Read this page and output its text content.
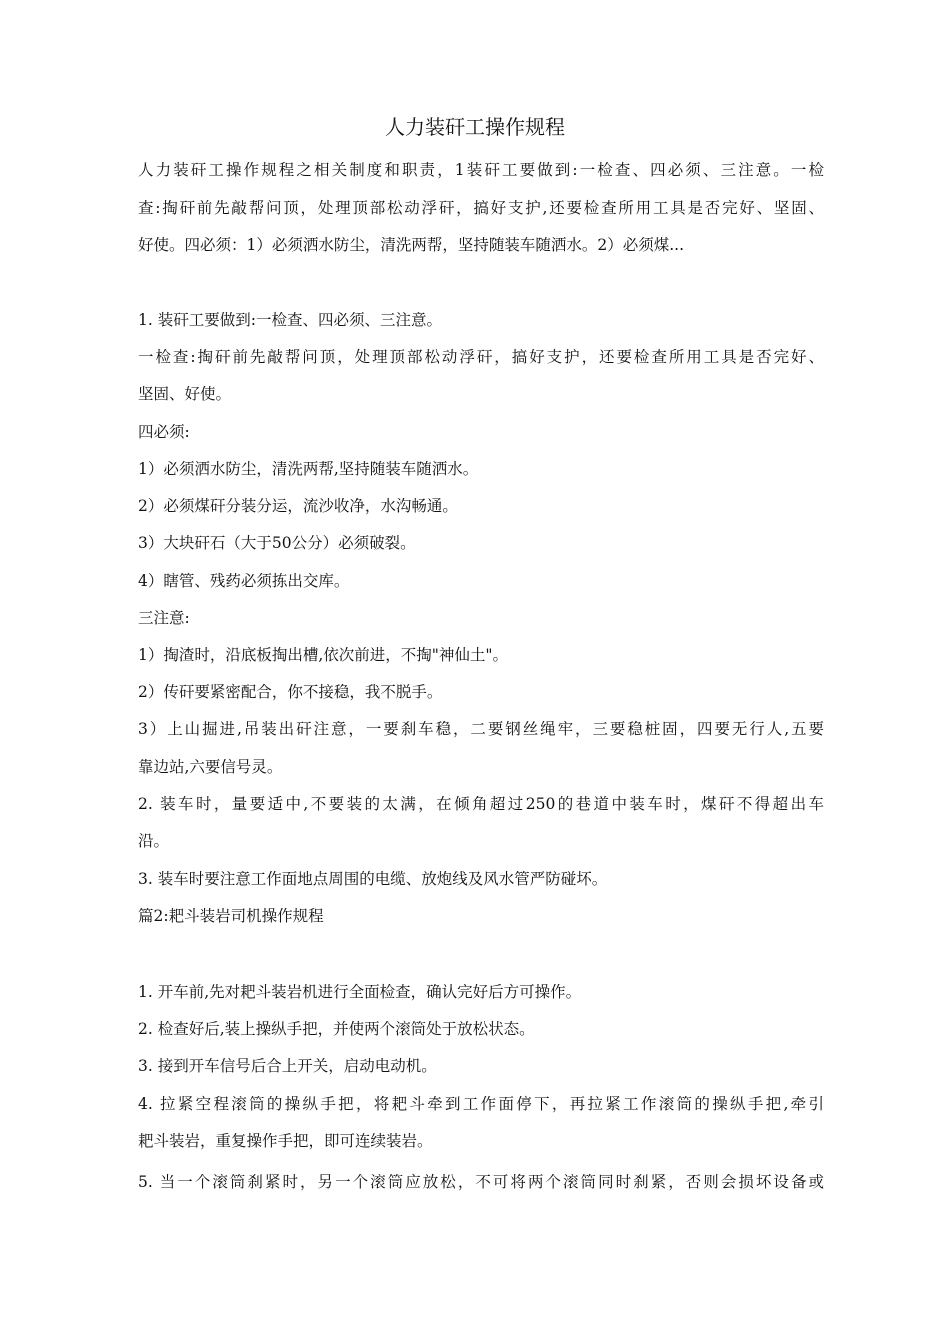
人力装矸工操作规程
人力装矸工操作规程之相关制度和职责，1装矸工要做到:一检查、四必须、三注意。一检
查:掏矸前先敲帮问顶，处理顶部松动浮矸，搞好支护,还要检查所用工具是否完好、坚固、
好使。四必须：1）必须洒水防尘，清洗两帮，坚持随装车随洒水。2）必须煤...
1. 装矸工要做到:一检查、四必须、三注意。
一检查:掏矸前先敲帮问顶，处理顶部松动浮矸，搞好支护，还要检查所用工具是否完好、
坚固、好使。
四必须:
1）必须洒水防尘，清洗两帮,坚持随装车随洒水。
2）必须煤矸分装分运，流沙收净，水沟畅通。
3）大块矸石（大于50公分）必须破裂。
4）瞎管、残药必须拣出交库。
三注意:
1）掏渣时，沿底板掏出槽,依次前进，不掏"神仙土"。
2）传矸要紧密配合，你不接稳，我不脱手。
3）上山掘进,吊装出矸注意，一要刹车稳，二要钢丝绳牢，三要稳桩固，四要无行人,五要
靠边站,六要信号灵。
2. 装车时，量要适中,不要装的太满，在倾角超过250的巷道中装车时，煤矸不得超出车
沿。
3. 装车时要注意工作面地点周围的电缆、放炮线及风水管严防碰坏。
篇2:耙斗装岩司机操作规程
1. 开车前,先对耙斗装岩机进行全面检查，确认完好后方可操作。
2. 检查好后,装上操纵手把，并使两个滚筒处于放松状态。
3. 接到开车信号后合上开关，启动电动机。
4. 拉紧空程滚筒的操纵手把，将耙斗牵到工作面停下，再拉紧工作滚筒的操纵手把,牵引
耙斗装岩，重复操作手把，即可连续装岩。
5. 当一个滚筒刹紧时，另一个滚筒应放松，不可将两个滚筒同时刹紧，否则会损坏设备或
